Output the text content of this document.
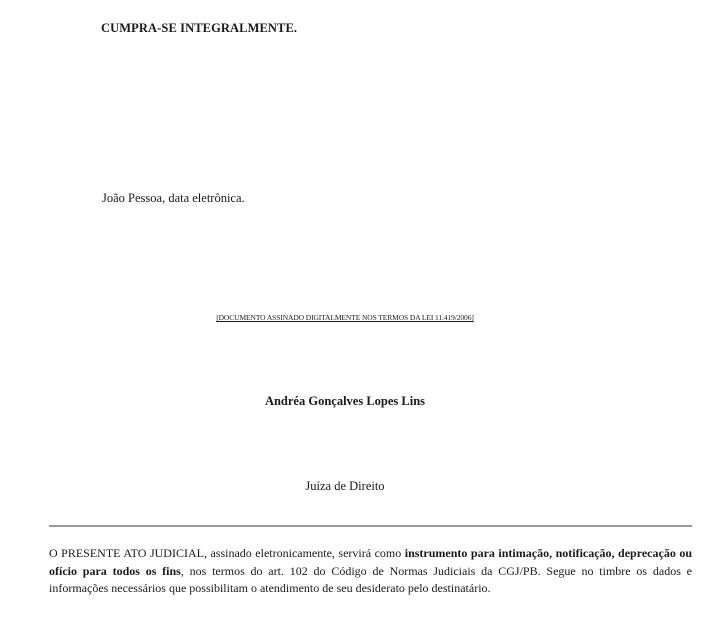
CUMPRA-SE INTEGRALMENTE.
João Pessoa, data eletrônica.
[DOCUMENTO ASSINADO DIGITALMENTE NOS TERMOS DA LEI 11.419/2006]
Andréa Gonçalves Lopes Lins
Juíza de Direito
O PRESENTE ATO JUDICIAL, assinado eletronicamente, servirá como instrumento para intimação, notificação, deprecação ou ofício para todos os fins, nos termos do art. 102 do Código de Normas Judiciais da CGJ/PB. Segue no timbre os dados e informações necessários que possibilitam o atendimento de seu desiderato pelo destinatário.
